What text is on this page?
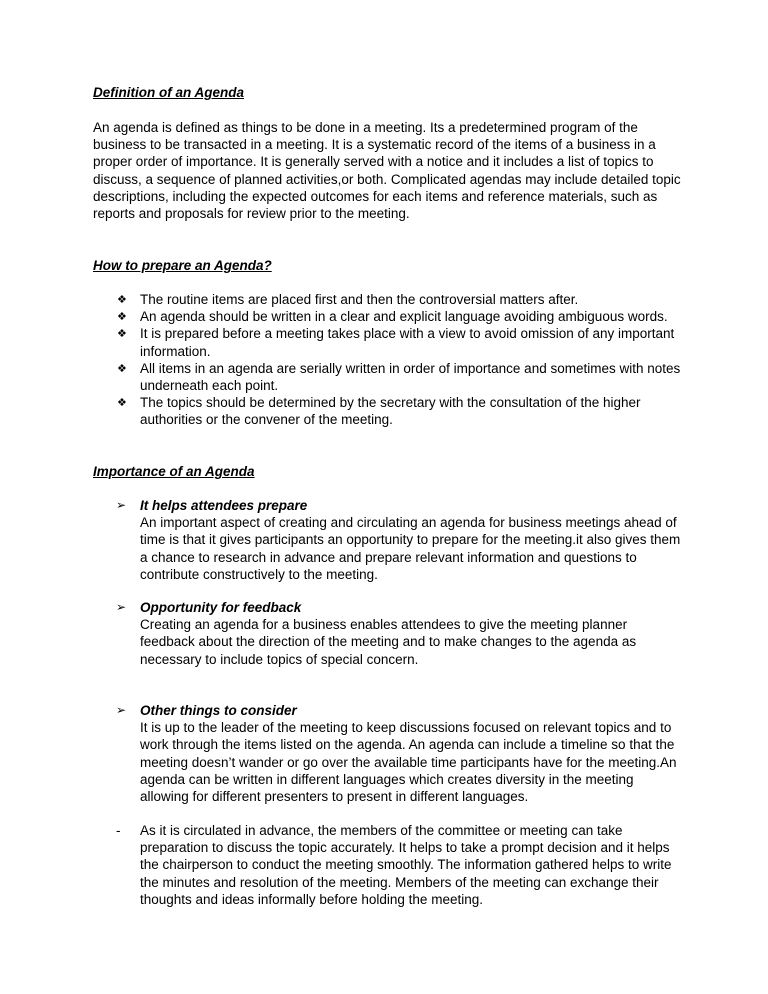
Definition of an Agenda

An agenda is defined as things to be done in a meeting. Its a predetermined program of the business to be transacted in a meeting. It is a systematic record of the items of a business in a proper order of importance. It is generally served with a notice and it includes a list of topics to discuss, a sequence of planned activities,or both. Complicated agendas may include detailed topic descriptions, including the expected outcomes for each items and reference materials, such as reports and proposals for review prior to the meeting.

How to prepare an Agenda?
❖ The routine items are placed first and then the controversial matters after.
❖ An agenda should be written in a clear and explicit language avoiding ambiguous words.
❖ It is prepared before a meeting takes place with a view to avoid omission of any important information.
❖ All items in an agenda are serially written in order of importance and sometimes with notes underneath each point.
❖ The topics should be determined by the secretary with the consultation of the higher authorities or the convener of the meeting.
Importance of an Agenda
➢	It helps attendees prepare
An important aspect of creating and circulating an agenda for business meetings ahead of time is that it gives participants an opportunity to prepare for the meeting.it also gives them a chance to research in advance and prepare relevant information and questions to contribute constructively to the meeting.
➢	Opportunity for feedback
Creating an agenda for a business enables attendees to give the meeting planner feedback about the direction of the meeting and to make changes to the agenda as necessary to include topics of special concern.
➢	Other things to consider
It is up to the leader of the meeting to keep discussions focused on relevant topics and to work through the items listed on the agenda. An agenda can include a timeline so that the meeting doesn’t wander or go over the available time participants have for the meeting.An agenda can be written in different languages which creates diversity in the meeting allowing for different presenters to present in different languages.
-	As it is circulated in advance, the members of the committee or meeting can take preparation to discuss the topic accurately. It helps to take a prompt decision and it helps the chairperson to conduct the meeting smoothly. The information gathered helps to write the minutes and resolution of the meeting. Members of the meeting can exchange their thoughts and ideas informally before holding the meeting.
